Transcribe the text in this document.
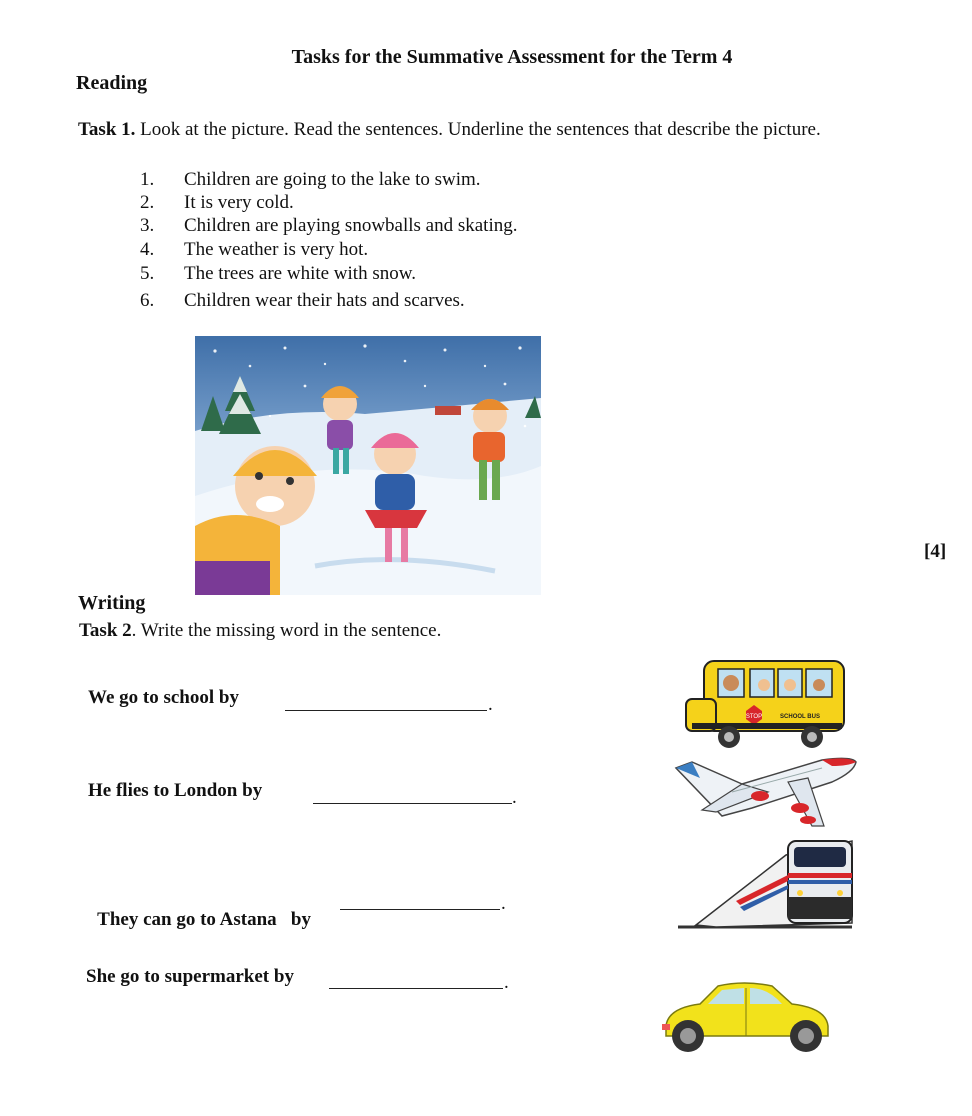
Tasks for the Summative Assessment for the Term 4
Reading
Task 1. Look at the picture. Read the sentences. Underline the sentences that describe the picture.
1.	Children are going to the lake to swim.
2.	It is very cold.
3.	Children are playing snowballs and skating.
4.	The weather is very hot.
5.	The trees are white with snow.
6.	Children wear their hats and scarves.
[4]
Writing
Task 2. Write the missing word in the sentence.
We go to school by	.
He flies to London by	.

They can go to Astana   by

.
She go to supermarket by	.
STOP	SCHOOL BUS
